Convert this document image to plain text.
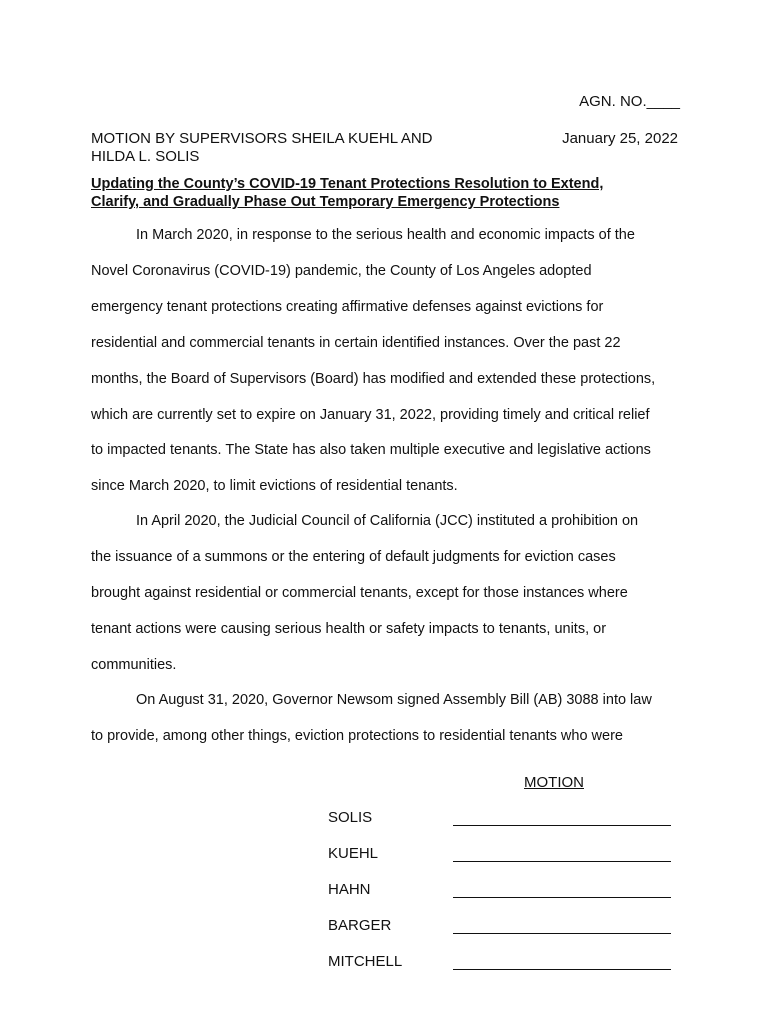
AGN. NO.____
MOTION BY SUPERVISORS SHEILA KUEHL AND
HILDA L. SOLIS
January 25, 2022
Updating the County’s COVID-19 Tenant Protections Resolution to Extend,
Clarify, and Gradually Phase Out Temporary Emergency Protections
In March 2020, in response to the serious health and economic impacts of the
Novel Coronavirus (COVID-19) pandemic, the County of Los Angeles adopted
emergency tenant protections creating affirmative defenses against evictions for
residential and commercial tenants in certain identified instances. Over the past 22
months, the Board of Supervisors (Board) has modified and extended these protections,
which are currently set to expire on January 31, 2022, providing timely and critical relief
to impacted tenants. The State has also taken multiple executive and legislative actions
since March 2020, to limit evictions of residential tenants.
In April 2020, the Judicial Council of California (JCC) instituted a prohibition on
the issuance of a summons or the entering of default judgments for eviction cases
brought against residential or commercial tenants, except for those instances where
tenant actions were causing serious health or safety impacts to tenants, units, or
communities.
On August 31, 2020, Governor Newsom signed Assembly Bill (AB) 3088 into law
to provide, among other things, eviction protections to residential tenants who were
MOTION
SOLIS
KUEHL
HAHN
BARGER
MITCHELL
